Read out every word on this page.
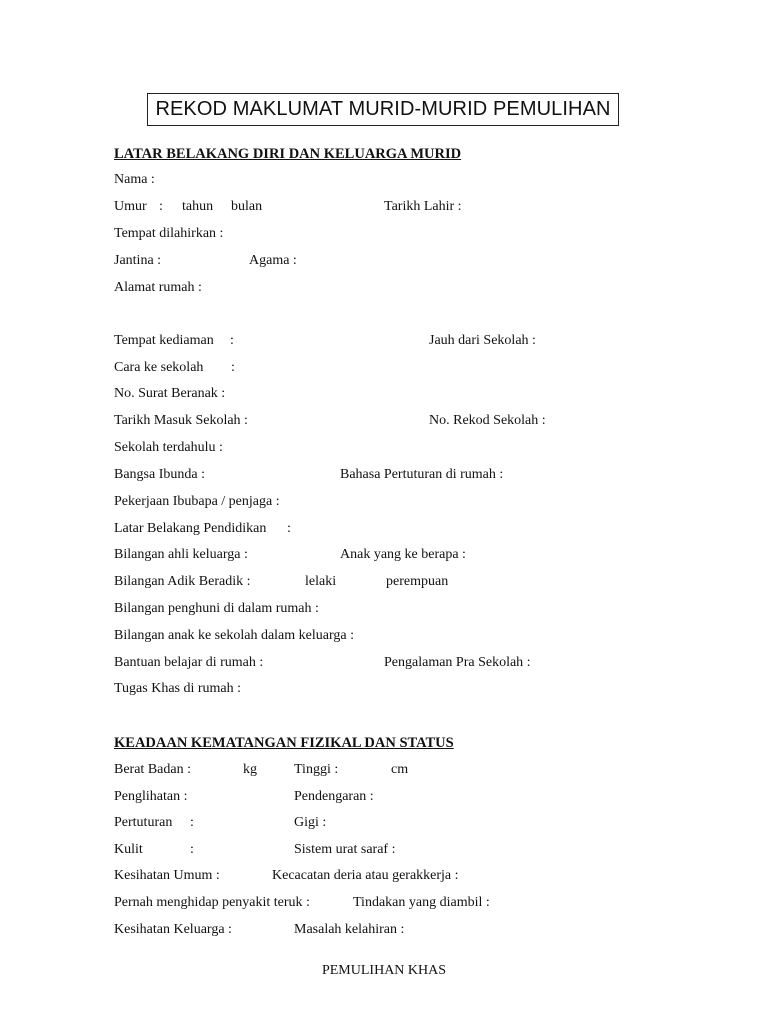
REKOD MAKLUMAT MURID-MURID PEMULIHAN
LATAR BELAKANG DIRI DAN KELUARGA MURID
Nama :
Umur : tahun bulan	Tarikh Lahir :
Tempat dilahirkan :
Jantina :	Agama :
Alamat rumah :
Tempat kediaman :	Jauh dari Sekolah :
Cara ke sekolah :
No. Surat Beranak :
Tarikh Masuk Sekolah :	No. Rekod Sekolah :
Sekolah terdahulu :
Bangsa Ibunda :	Bahasa Pertuturan di rumah :
Pekerjaan Ibubapa / penjaga :
Latar Belakang Pendidikan :
Bilangan ahli keluarga :	Anak yang ke berapa :
Bilangan Adik Beradik :	lelaki	perempuan
Bilangan penghuni di dalam rumah :
Bilangan anak ke sekolah dalam keluarga :
Bantuan belajar di rumah :	Pengalaman Pra Sekolah :
Tugas Khas di rumah :
KEADAAN KEMATANGAN FIZIKAL DAN STATUS
Berat Badan :	kg	Tinggi :	cm
Penglihatan :	Pendengaran :
Pertuturan :	Gigi :
Kulit	:	Sistem urat saraf :
Kesihatan Umum :	Kecacatan deria atau gerakkerja :
Pernah menghidap penyakit teruk :	Tindakan yang diambil :
Kesihatan Keluarga :	Masalah kelahiran :
PEMULIHAN KHAS
